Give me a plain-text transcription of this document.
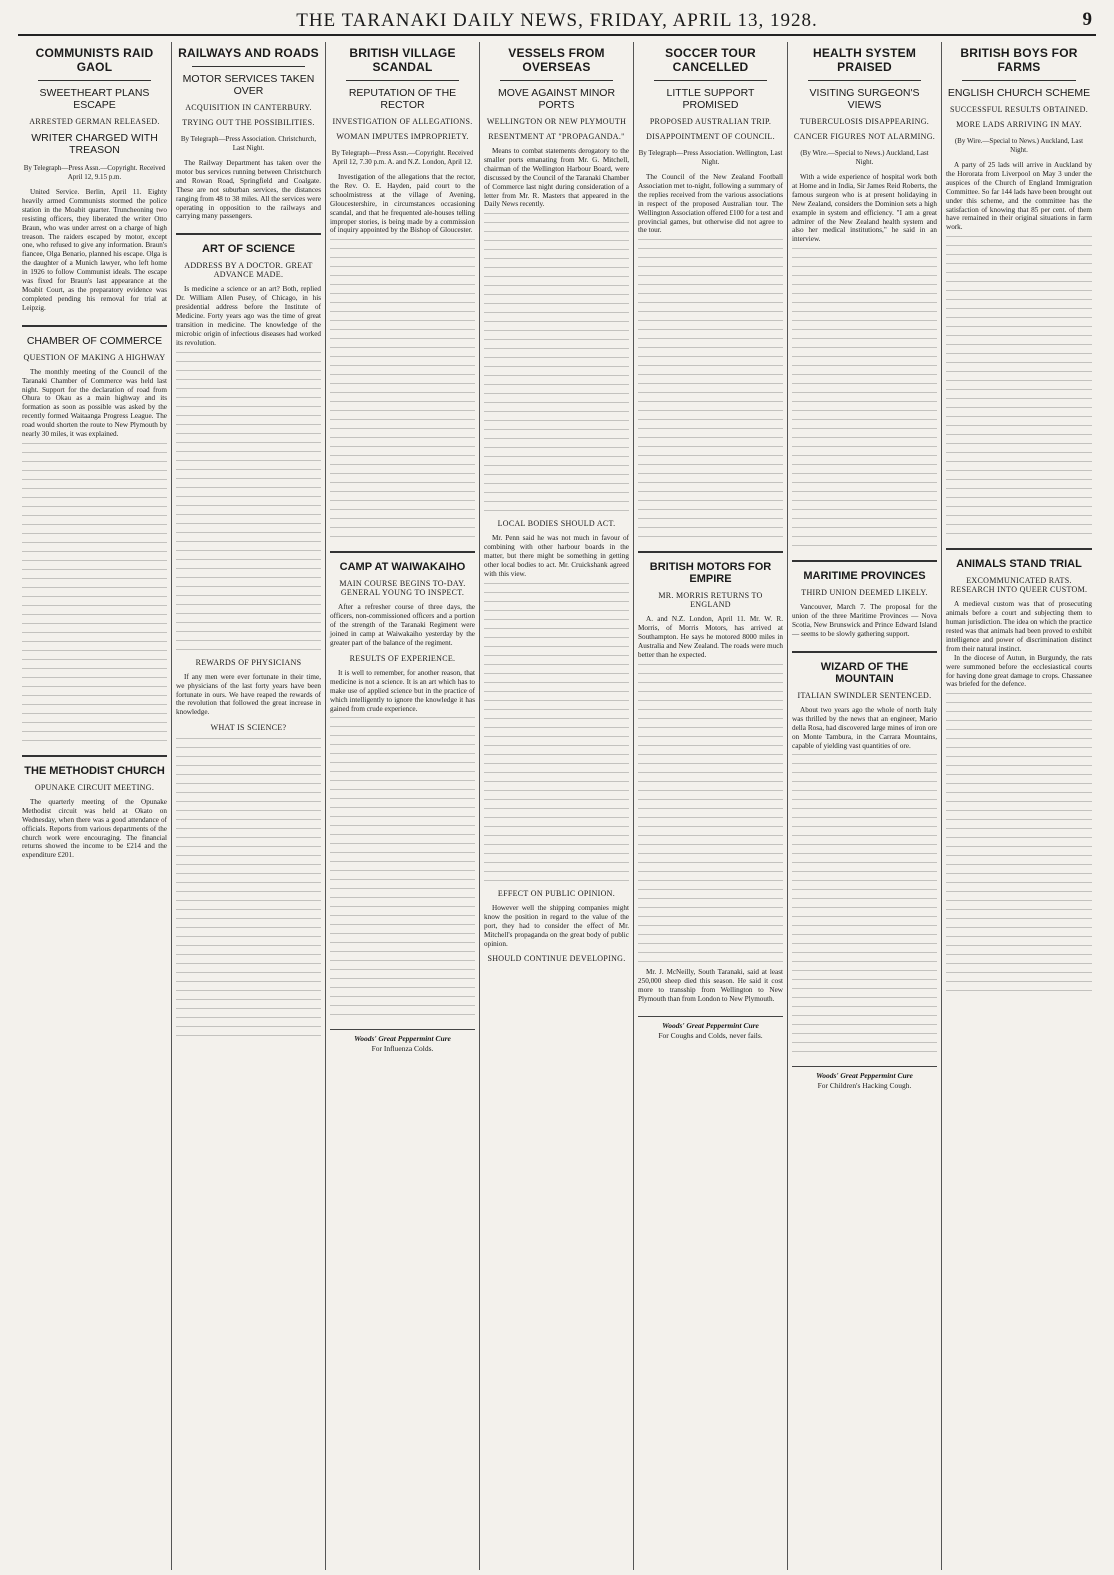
THE TARANAKI DAILY NEWS, FRIDAY, APRIL 13, 1928.	9
COMMUNISTS RAID GAOL
SWEETHEART PLANS ESCAPE
ARRESTED GERMAN RELEASED.
WRITER CHARGED WITH TREASON
By Telegraph—Press Assn.—Copyright. Received April 12, 9.15 p.m.

United Service. Berlin, April 11. Eighty heavily armed Communists stormed the police station in the Moabit quarter. Truncheoning two resisting officers, they liberated the writer Otto Braun, who was under arrest on a charge of high treason. The raiders escaped by motor, except one, who refused to give any information. Braun's fiancee, Olga Benario, planned his escape. Olga is the daughter of a Munich lawyer, who left home in 1926 to follow Communist ideals. The escape was fixed for Braun's last appearance at the Moabit Court, as the preparatory evidence was completed pending his removal for trial at Leipzig.

CHAMBER OF COMMERCE
QUESTION OF MAKING A HIGHWAY

The monthly meeting of the Council of the Taranaki Chamber of Commerce was held last night. Support for the declaration of road from Ohura to Okau as a main highway and its formation as soon as possible was asked by the recently formed Waitaanga Progress League. The road would shorten the route to New Plymouth by nearly 30 miles, it was explained.

THE METHODIST CHURCH
OPUNAKE CIRCUIT MEETING.

The quarterly meeting of the Opunake Methodist circuit was held at Okato on Wednesday, when there was a good attendance of officials. Reports from various departments of the church work were encouraging. The financial returns showed the income to be £214 and the expenditure £201.

RAILWAYS AND ROADS
MOTOR SERVICES TAKEN OVER
ACQUISITION IN CANTERBURY.
TRYING OUT THE POSSIBILITIES.
By Telegraph—Press Association. Christchurch, Last Night.

The Railway Department has taken over the motor bus services running between Christchurch and Rowan Road, Springfield and Coalgate. These are not suburban services, the distances ranging from 48 to 38 miles. All the services were operating in opposition to the railways and carrying many passengers.

ART OF SCIENCE
ADDRESS BY A DOCTOR. GREAT ADVANCE MADE.

Is medicine a science or an art? Both, replied Dr. William Allen Pusey, of Chicago, in his presidential address before the Institute of Medicine. Forty years ago was the time of great transition in medicine. The knowledge of the microbic origin of infectious diseases had worked its revolution.

REWARDS OF PHYSICIANS

If any men were ever fortunate in their time, we physicians of the last forty years have been fortunate in ours. We have reaped the rewards of the revolution that followed the great increase in knowledge.

WHAT IS SCIENCE?
BRITISH VILLAGE SCANDAL
REPUTATION OF THE RECTOR
INVESTIGATION OF ALLEGATIONS.
WOMAN IMPUTES IMPROPRIETY.
By Telegraph—Press Assn.—Copyright. Received April 12, 7.30 p.m. A. and N.Z. London, April 12.

Investigation of the allegations that the rector, the Rev. O. E. Hayden, paid court to the schoolmistress at the village of Avening, Gloucestershire, in circumstances occasioning scandal, and that he frequented ale-houses telling improper stories, is being made by a commission of inquiry appointed by the Bishop of Gloucester.

CAMP AT WAIWAKAIHO
MAIN COURSE BEGINS TO-DAY. GENERAL YOUNG TO INSPECT.

After a refresher course of three days, the officers, non-commissioned officers and a portion of the strength of the Taranaki Regiment were joined in camp at Waiwakaiho yesterday by the greater part of the balance of the regiment.

RESULTS OF EXPERIENCE.

It is well to remember, for another reason, that medicine is not a science. It is an art which has to make use of applied science but in the practice of which intelligently to ignore the knowledge it has gained from crude experience.

Woods' Great Peppermint Cure
For Influenza Colds.
VESSELS FROM OVERSEAS
MOVE AGAINST MINOR PORTS
WELLINGTON OR NEW PLYMOUTH
RESENTMENT AT "PROPAGANDA."

Means to combat statements derogatory to the smaller ports emanating from Mr. G. Mitchell, chairman of the Wellington Harbour Board, were discussed by the Council of the Taranaki Chamber of Commerce last night during consideration of a letter from Mr. R. Masters that appeared in the Daily News recently.

LOCAL BODIES SHOULD ACT.

Mr. Penn said he was not much in favour of combining with other harbour boards in the matter, but there might be something in getting other local bodies to act. Mr. Cruickshank agreed with this view.

EFFECT ON PUBLIC OPINION.

However well the shipping companies might know the position in regard to the value of the port, they had to consider the effect of Mr. Mitchell's propaganda on the great body of public opinion.

SHOULD CONTINUE DEVELOPING.
SOCCER TOUR CANCELLED
LITTLE SUPPORT PROMISED
PROPOSED AUSTRALIAN TRIP.
DISAPPOINTMENT OF COUNCIL.
By Telegraph—Press Association. Wellington, Last Night.

The Council of the New Zealand Football Association met to-night, following a summary of the replies received from the various associations in respect of the proposed Australian tour. The Wellington Association offered £100 for a test and provincial games, but otherwise did not agree to the tour.

BRITISH MOTORS FOR EMPIRE
MR. MORRIS RETURNS TO ENGLAND

A. and N.Z. London, April 11. Mr. W. R. Morris, of Morris Motors, has arrived at Southampton. He says he motored 8000 miles in Australia and New Zealand. The roads were much better than he expected.

Mr. J. McNeilly, South Taranaki, said at least 250,000 sheep died this season. He said it cost more to transship from Wellington to New Plymouth than from London to New Plymouth.

Woods' Great Peppermint Cure
For Coughs and Colds, never fails.
HEALTH SYSTEM PRAISED
VISITING SURGEON'S VIEWS
TUBERCULOSIS DISAPPEARING.
CANCER FIGURES NOT ALARMING.
(By Wire.—Special to News.) Auckland, Last Night.

With a wide experience of hospital work both at Home and in India, Sir James Reid Roberts, the famous surgeon who is at present holidaying in New Zealand, considers the Dominion sets a high example in system and efficiency. "I am a great admirer of the New Zealand health system and also her medical institutions," he said in an interview.

MARITIME PROVINCES
THIRD UNION DEEMED LIKELY.

Vancouver, March 7. The proposal for the union of the three Maritime Provinces — Nova Scotia, New Brunswick and Prince Edward Island — seems to be slowly gathering support.

WIZARD OF THE MOUNTAIN
ITALIAN SWINDLER SENTENCED.

About two years ago the whole of north Italy was thrilled by the news that an engineer, Mario della Rosa, had discovered large mines of iron ore on Monte Tambura, in the Carrara Mountains, capable of yielding vast quantities of ore.

Woods' Great Peppermint Cure
For Children's Hacking Cough.
BRITISH BOYS FOR FARMS
ENGLISH CHURCH SCHEME
SUCCESSFUL RESULTS OBTAINED.
MORE LADS ARRIVING IN MAY.
(By Wire.—Special to News.) Auckland, Last Night.

A party of 25 lads will arrive in Auckland by the Hororata from Liverpool on May 3 under the auspices of the Church of England Immigration Committee. So far 144 lads have been brought out under this scheme, and the committee has the satisfaction of knowing that 85 per cent. of them have remained in their original situations in farm work.

ANIMALS STAND TRIAL
EXCOMMUNICATED RATS. RESEARCH INTO QUEER CUSTOM.

A medieval custom was that of prosecuting animals before a court and subjecting them to human jurisdiction. The idea on which the practice rested was that animals had been proved to exhibit intelligence and power of discrimination distinct from their natural instinct.

In the diocese of Autun, in Burgundy, the rats were summoned before the ecclesiastical courts for having done great damage to crops. Chassanee was briefed for the defence.
